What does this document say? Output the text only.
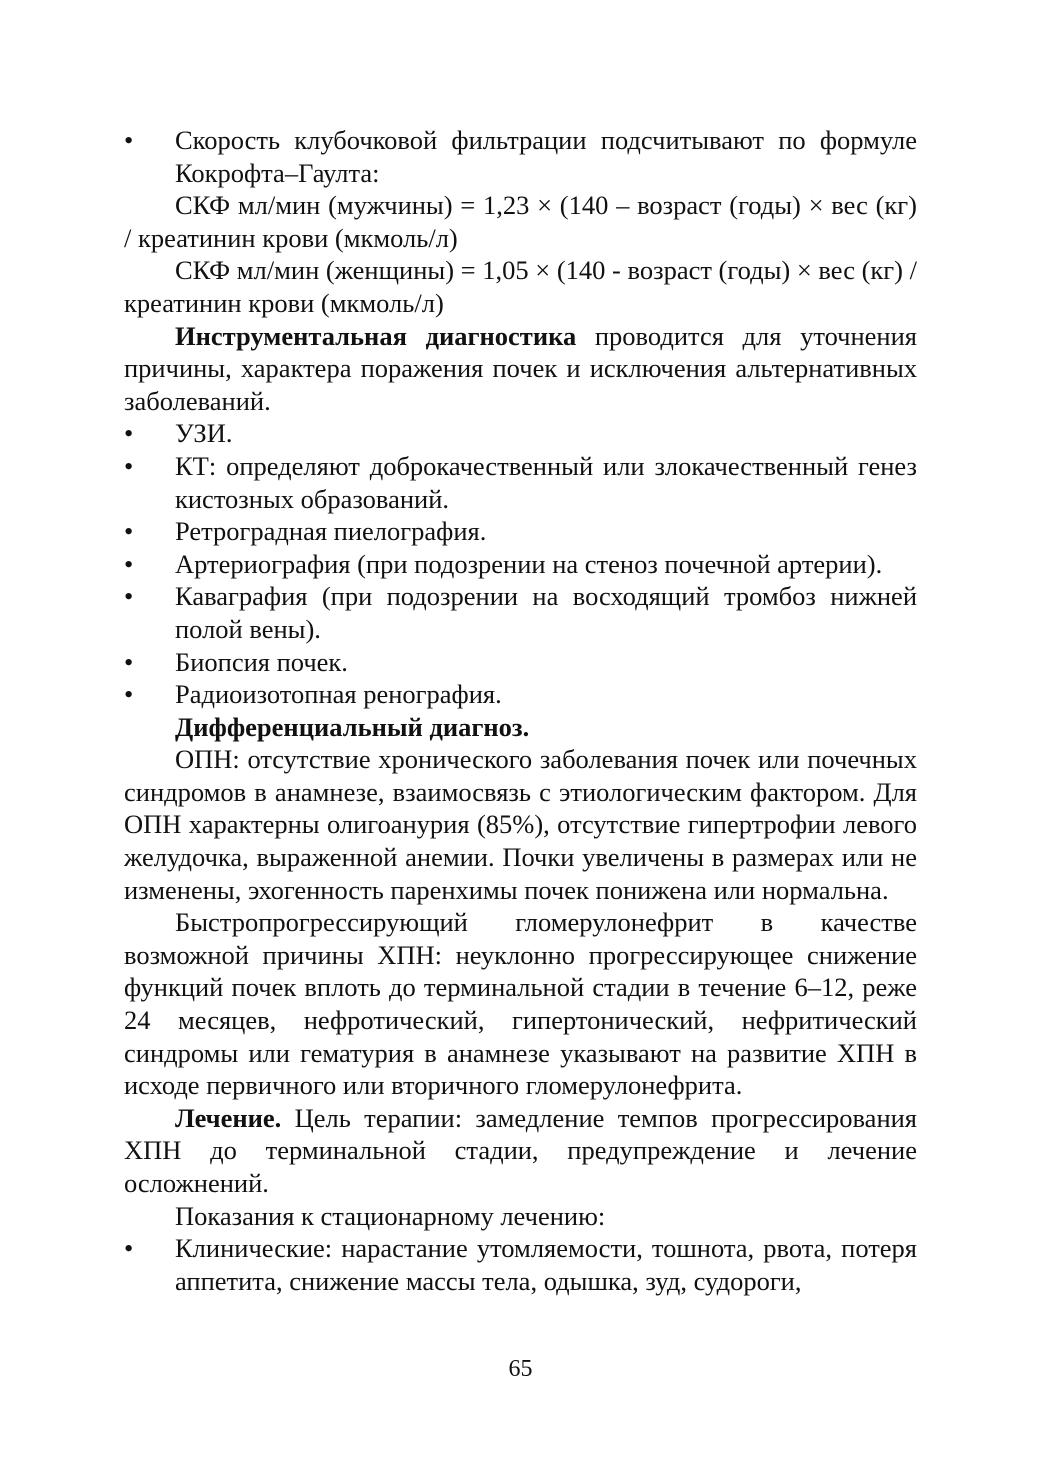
• Скорость клубочковой фильтрации подсчитывают по формуле Кокрофта–Гаулта:

СКФ мл/мин (мужчины) = 1,23 × (140 – возраст (годы) × вес (кг) / креатинин крови (мкмоль/л)

СКФ мл/мин (женщины) = 1,05 × (140 - возраст (годы) × вес (кг) /креатинин крови (мкмоль/л)

Инструментальная диагностика проводится для уточнения причины, характера поражения почек и исключения альтернативных заболеваний.

• УЗИ.
• КТ: определяют доброкачественный или злокачественный генез кистозных образований.
• Ретроградная пиелография.
• Артериография (при подозрении на стеноз почечной артерии).
• Каваграфия (при подозрении на восходящий тромбоз нижней полой вены).
• Биопсия почек.
• Радиоизотопная ренография.

Дифференциальный диагноз.

ОПН: отсутствие хронического заболевания почек или почечных синдромов в анамнезе, взаимосвязь с этиологическим фактором. Для ОПН характерны олигоанурия (85%), отсутствие гипертрофии левого желудочка, выраженной анемии. Почки увеличены в размерах или не изменены, эхогенность паренхимы почек понижена или нормальна.

Быстропрогрессирующий гломерулонефрит в качестве возможной причины ХПН: неуклонно прогрессирующее снижение функций почек вплоть до терминальной стадии в течение 6–12, реже 24 месяцев, нефротический, гипертонический, нефритический синдромы или гематурия в анамнезе указывают на развитие ХПН в исходе первичного или вторичного гломерулонефрита.

Лечение. Цель терапии: замедление темпов прогрессирования ХПН до терминальной стадии, предупреждение и лечение осложнений.

Показания к стационарному лечению:

• Клинические: нарастание утомляемости, тошнота, рвота, потеря аппетита, снижение массы тела, одышка, зуд, судороги,
65
